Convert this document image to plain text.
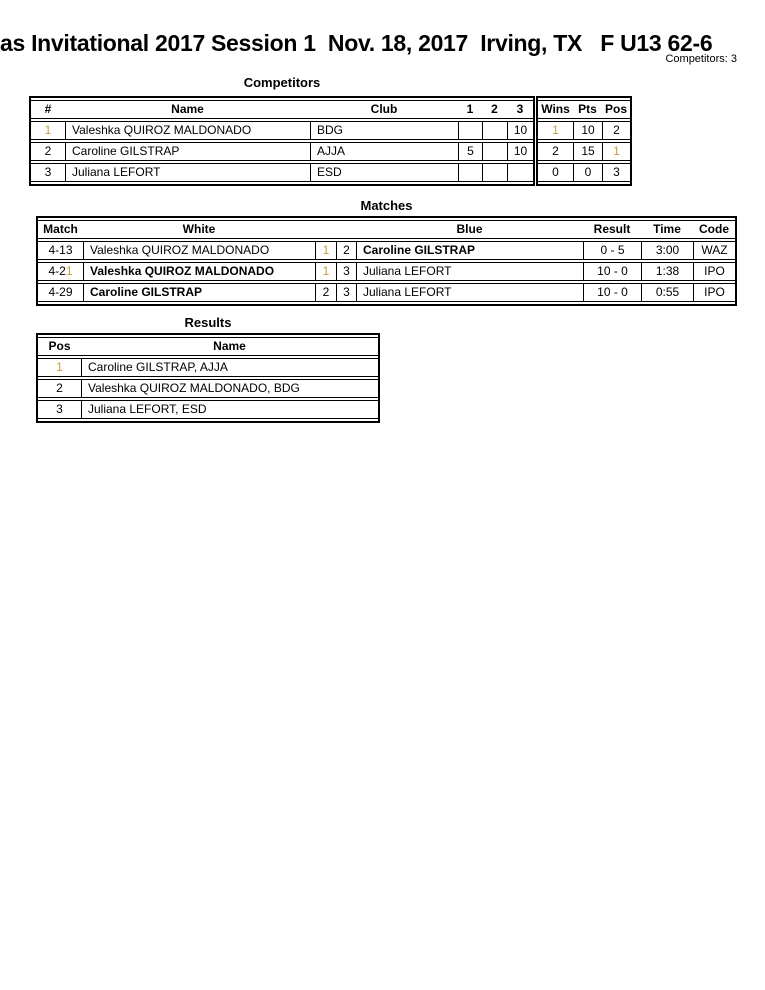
as Invitational 2017 Session 1  Nov. 18, 2017  Irving, TX   F U13 62-6
Competitors: 3
Competitors
#	Name	Club	1	2	3
1	Valeshka QUIROZ MALDONADO	BDG			10
2	Caroline GILSTRAP	AJJA	5		10
3	Juliana LEFORT	ESD			
Wins	Pts	Pos
1	10	2
2	15	1
0	0	3
Matches
Match	White			Blue	Result	Time	Code
4-13	Valeshka QUIROZ MALDONADO	1	2	Caroline GILSTRAP	0 - 5	3:00	WAZ
4-21	Valeshka QUIROZ MALDONADO	1	3	Juliana LEFORT	10 - 0	1:38	IPO
4-29	Caroline GILSTRAP	2	3	Juliana LEFORT	10 - 0	0:55	IPO
Results
Pos	Name
1	Caroline GILSTRAP, AJJA
2	Valeshka QUIROZ MALDONADO, BDG
3	Juliana LEFORT, ESD
